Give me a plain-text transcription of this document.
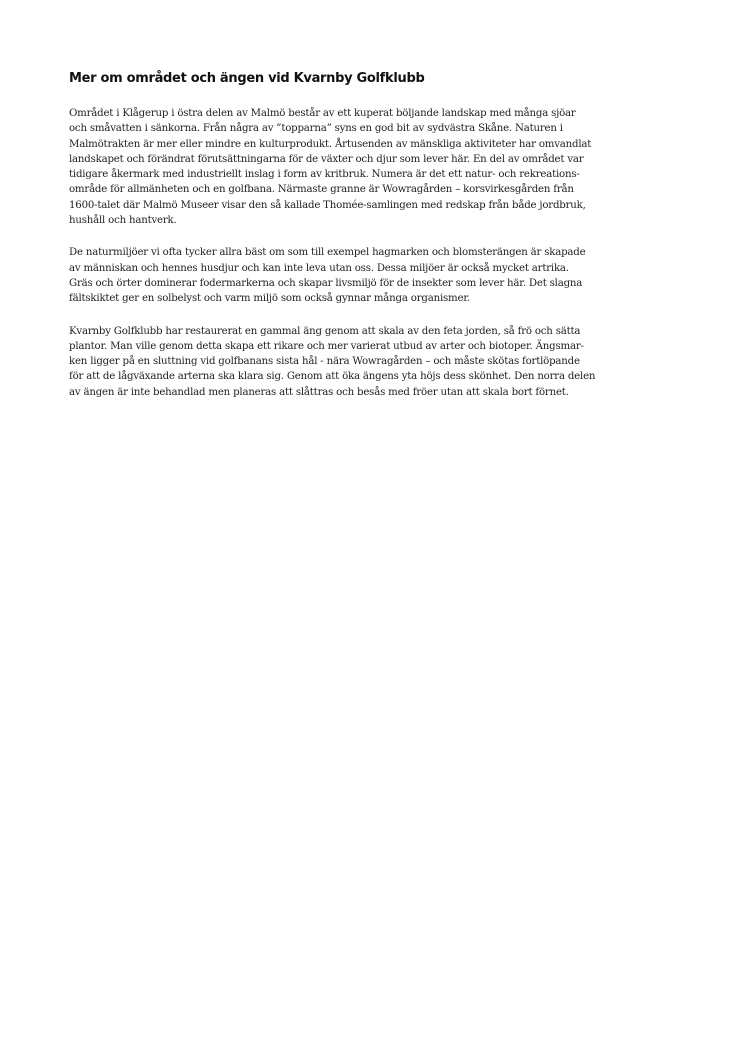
Mer om området och ängen vid Kvarnby Golfklubb

Området i Klågerup i östra delen av Malmö består av ett kuperat böljande landskap med många sjöar
och småvatten i sänkorna. Från några av ”topparna” syns en god bit av sydvästra Skåne. Naturen i
Malmötrakten är mer eller mindre en kulturprodukt. Årtusenden av mänskliga aktiviteter har omvandlat
landskapet och förändrat förutsättningarna för de växter och djur som lever här. En del av området var
tidigare åkermark med industriellt inslag i form av kritbruk. Numera är det ett natur- och rekreations-
område för allmänheten och en golfbana. Närmaste granne är Wowragården – korsvirkesgården från
1600-talet där Malmö Museer visar den så kallade Thomée-samlingen med redskap från både jordbruk,
hushåll och hantverk.

De naturmiljöer vi ofta tycker allra bäst om som till exempel hagmarken och blomsterängen är skapade
av människan och hennes husdjur och kan inte leva utan oss. Dessa miljöer är också mycket artrika.
Gräs och örter dominerar fodermarkerna och skapar livsmiljö för de insekter som lever här. Det slagna
fältskiktet ger en solbelyst och varm miljö som också gynnar många organismer.

Kvarnby Golfklubb har restaurerat en gammal äng genom att skala av den feta jorden, så frö och sätta
plantor. Man ville genom detta skapa ett rikare och mer varierat utbud av arter och biotoper. Ängsmar-
ken ligger på en sluttning vid golfbanans sista hål - nära Wowragården – och måste skötas fortlöpande
för att de lågväxande arterna ska klara sig. Genom att öka ängens yta höjs dess skönhet. Den norra delen
av ängen är inte behandlad men planeras att slåttras och besås med fröer utan att skala bort förnet.
